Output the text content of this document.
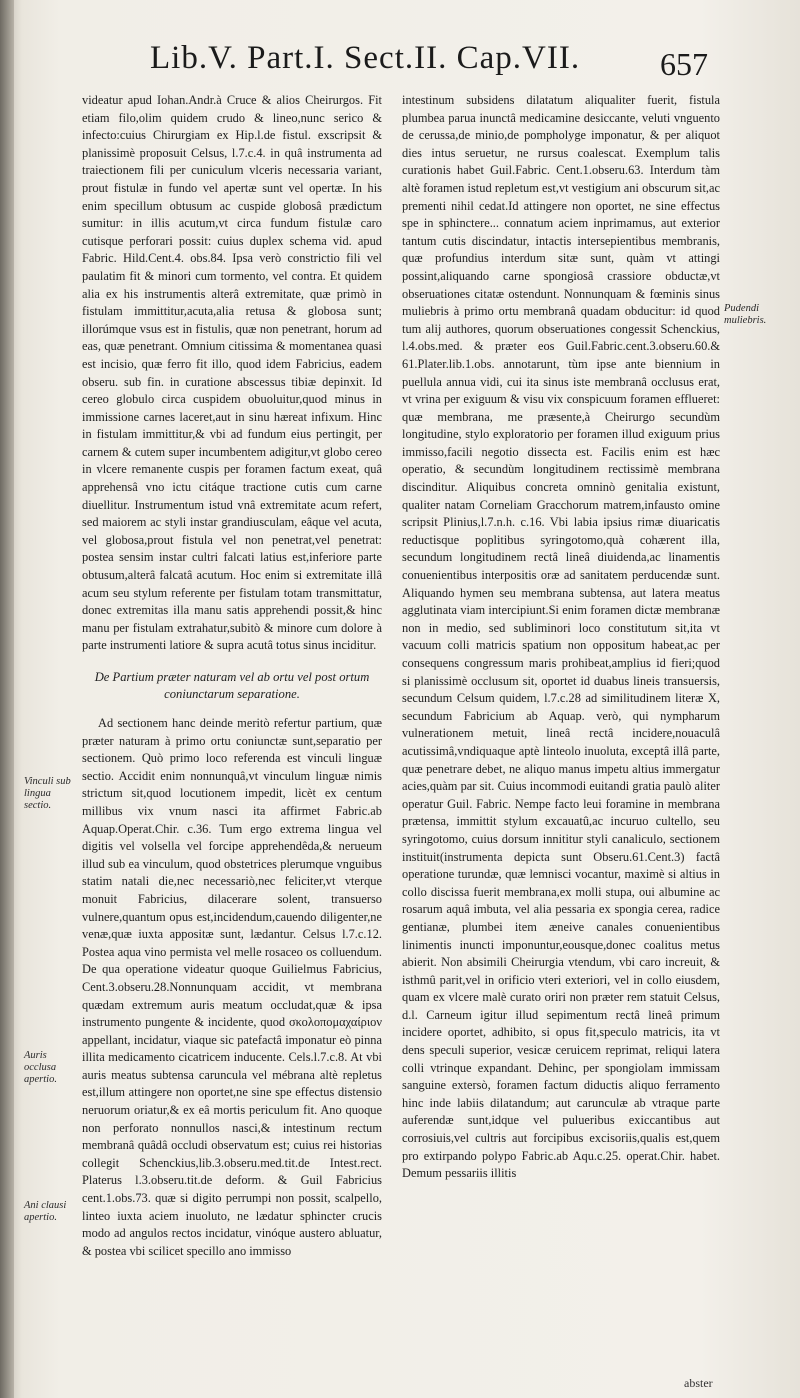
Lib.V. Part.I. Sect.II. Cap.VII.	657

videatur apud Iohan.Andr.à Cruce & alios Cheirurgos. Fit etiam filo,olim quidem crudo & lineo,nunc serico & infecto:cuius Chirurgiam ex Hip.l.de fistul. exscripsit & planissimè proposuit Celsus, l.7.c.4. in quâ instrumenta ad traiectionem fili per cuniculum vlceris necessaria variant, prout fistulæ in fundo vel apertæ sunt vel opertæ. In his enim specillum obtusum ac cuspide globosâ prædictum sumitur: in illis acutum,vt circa fundum fistulæ caro cutisque perforari possit: cuius duplex schema vid. apud Fabric. Hild.Cent.4. obs.84. Ipsa verò constrictio fili vel paulatim fit & minori cum tormento, vel contra. Et quidem alia ex his instrumentis alterâ extremitate, quæ primò in fistulam immittitur,acuta,alia retusa & globosa sunt; illorúmque vsus est in fistulis, quæ non penetrant, horum ad eas, quæ penetrant. Omnium citissima & momentanea quasi est incisio, quæ ferro fit illo, quod idem Fabricius, eadem obseru. sub fin. in curatione abscessus tibiæ depinxit. Id cereo globulo circa cuspidem obuoluitur,quod minus in immissione carnes laceret,aut in sinu hæreat infixum. Hinc in fistulam immittitur,& vbi ad fundum eius pertingit, per carnem & cutem super incumbentem adigitur,vt globo cereo in vlcere remanente cuspis per foramen factum exeat, quâ apprehensâ vno ictu citáque tractione cutis cum carne diuellitur. Instrumentum istud vnâ extremitate acum refert, sed maiorem ac styli instar grandiusculam, eâque vel acuta, vel globosa,prout fistula vel non penetrat,vel penetrat: postea sensim instar cultri falcati latius est,inferiore parte obtusum,alterâ falcatâ acutum. Hoc enim si extremitate illâ acum seu stylum referente per fistulam totam transmittatur, donec extremitas illa manu satis apprehendi possit,& hinc manu per fistulam extrahatur,subitò & minore cum dolore à parte instrumenti latiore & supra acutâ totus sinus inciditur.

De Partium præter naturam vel ab ortu vel post ortum coniunctarum separatione.

Ad sectionem hanc deinde meritò refertur partium, quæ præter naturam à primo ortu coniunctæ sunt,separatio per sectionem. Quò primo loco referenda est vinculi linguæ sectio. Accidit enim nonnunquâ,vt vinculum linguæ nimis strictum sit,quod locutionem impedit, licèt ex centum millibus vix vnum nasci ita affirmet Fabric.ab Aquap.Operat.Chir. c.36. Tum ergo extrema lingua vel digitis vel volsella vel forcipe apprehendêda,& nerueum illud sub ea vinculum, quod obstetrices plerumque vnguibus statim natali die,nec necessariò,nec feliciter,vt vterque monuit Fabricius, dilacerare solent, transuerso vulnere,quantum opus est,incidendum,cauendo diligenter,ne venæ,quæ iuxta appositæ sunt, lædantur. Celsus l.7.c.12. Postea aqua vino permista vel melle rosaceo os colluendum. De qua operatione videatur quoque Guilielmus Fabricius, Cent.3.obseru.28.Nonnunquam accidit, vt membrana quædam extremum auris meatum occludat,quæ & ipsa instrumento pungente & incidente, quod σκολοπομαχαίριον appellant, incidatur, viaque sic patefactâ imponatur eò pinna illita medicamento cicatricem inducente. Cels.l.7.c.8. At vbi auris meatus subtensa caruncula vel mébrana altè repletus est,illum attingere non oportet,ne sine spe effectus distensio neruorum oriatur,& ex eâ mortis periculum fit. Ano quoque non perforato nonnullos nasci,& intestinum rectum membranâ quâdâ occludi observatum est; cuius rei historias collegit Schenckius,lib.3.obseru.med.tit.de Intest.rect. Platerus l.3.obseru.tit.de deform. & Guil Fabricius cent.1.obs.73. quæ si digito perrumpi non possit, scalpello, linteo iuxta aciem inuoluto, ne lædatur sphincter crucis modo ad angulos rectos incidatur, vinóque austero abluatur, & postea vbi scilicet specillo ano immisso

intestinum subsidens dilatatum aliqualiter fuerit, fistula plumbea parua inunctâ medicamine desiccante, veluti vnguento de cerussa,de minio,de pompholyge imponatur, & per aliquot dies intus seruetur, ne rursus coalescat. Exemplum talis curationis habet Guil.Fabric. Cent.1.obseru.63. Interdum tàm altè foramen istud repletum est,vt vestigium ani obscurum sit,ac prementi nihil cedat.Id attingere non oportet, ne sine effectus spe in sphinctere... connatum aciem inprimamus, aut exterior tantum cutis discindatur, intactis intersepientibus membranis, quæ profundius interdum sitæ sunt, quàm vt attingi possint,aliquando carne spongiosâ crassiore obductæ,vt obseruationes citatæ ostendunt. Nonnunquam & fœminis sinus muliebris à primo ortu membranâ quadam obducitur: id quod tum alij authores, quorum obseruationes congessit Schenckius, l.4.obs.med. & præter eos Guil.Fabric.cent.3.obseru.60.& 61.Plater.lib.1.obs. annotarunt, tùm ipse ante biennium in puellula annua vidi, cui ita sinus iste membranâ occlusus erat, vt vrina per exiguum & visu vix conspicuum foramen efflueret: quæ membrana, me præsente,à Cheirurgo secundùm longitudine, stylo exploratorio per foramen illud exiguum prius immisso,facili negotio dissecta est. Facilis enim est hæc operatio, & secundùm longitudinem rectissimè membrana discinditur. Aliquibus concreta omninò genitalia existunt, qualiter natam Corneliam Gracchorum matrem,infausto omine scripsit Plinius,l.7.n.h. c.16. Vbi labia ipsius rimæ diuaricatis reductisque poplitibus syringotomo,quà cohærent illa, secundum longitudinem rectâ lineâ diuidenda,ac linamentis conuenientibus interpositis oræ ad sanitatem perducendæ sunt. Aliquando hymen seu membrana subtensa, aut latera meatus agglutinata viam intercipiunt.Si enim foramen dictæ membranæ non in medio, sed subliminori loco constitutum sit,ita vt vacuum colli matricis spatium non oppositum habeat,ac per consequens congressum maris prohibeat,amplius id fieri;quod si planissimè occlusum sit, oportet id duabus lineis transuersis, secundum Celsum quidem, l.7.c.28 ad similitudinem literæ X, secundum Fabricium ab Aquap. verò, qui nympharum vulnerationem metuit, lineâ rectâ incidere,nouaculâ acutissimâ,vndiquaque aptè linteolo inuoluta, exceptâ illâ parte, quæ penetrare debet, ne aliquo manus impetu altius immergatur acies,quàm par sit. Cuius incommodi euitandi gratia paulò aliter operatur Guil. Fabric. Nempe facto leui foramine in membrana prætensa, immittit stylum excauatû,ac incuruo cultello, seu syringotomo, cuius dorsum innititur styli canaliculo, sectionem instituit(instrumenta depicta sunt Obseru.61.Cent.3) factâ operatione turundæ, quæ lemnisci vocantur, maximè si altius in collo discissa fuerit membrana,ex molli stupa, oui albumine ac rosarum aquâ imbuta, vel alia pessaria ex spongia cerea, radice gentianæ, plumbei item æneive canales conuenientibus linimentis inuncti imponuntur,eousque,donec coalitus metus abierit. Non absimili Cheirurgia vtendum, vbi caro increuit, & isthmû parit,vel in orificio vteri exteriori, vel in collo eiusdem, quam ex vlcere malè curato oriri non præter rem statuit Celsus, d.l. Carneum igitur illud sepimentum rectâ lineâ primum incidere oportet, adhibito, si opus fit,speculo matricis, ita vt dens speculi superior, vesicæ ceruicem reprimat, reliqui latera colli vtrinque expandant. Dehinc, per spongiolam immissam sanguine extersò, foramen factum diductis aliquo ferramento hinc inde labiis dilatandum; aut carunculæ ab vtraque parte auferendæ sunt,idque vel pulueribus exiccantibus aut corrosiuis,vel cultris aut forcipibus excisoriis,qualis est,quem pro extirpando polypo Fabric.ab Aqu.c.25. operat.Chir. habet. Demum pessariis illitis

Pudendi muliebris.
Vinculi sub lingua sectio.
Auris occlusa apertio.
Ani clausi apertio.
abster
